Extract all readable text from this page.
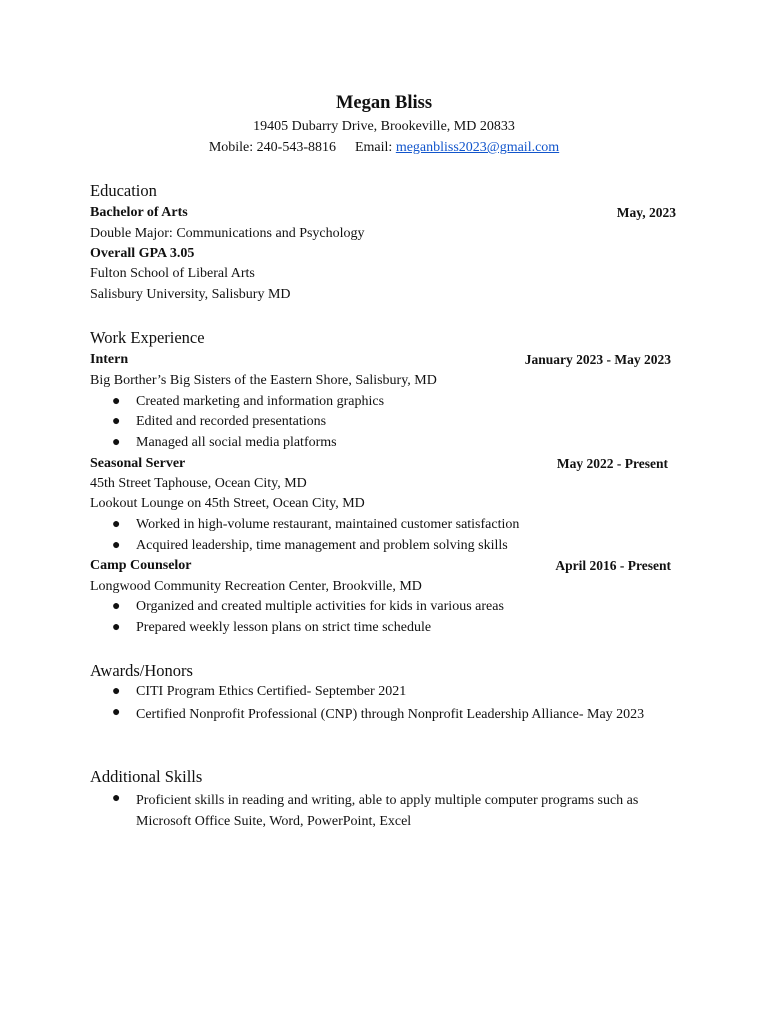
Megan Bliss
19405 Dubarry Drive, Brookeville, MD 20833
Mobile: 240-543-8816 Email: meganbliss2023@gmail.com
Education
Bachelor of Arts	May, 2023
Double Major: Communications and Psychology
Overall GPA 3.05
Fulton School of Liberal Arts
Salisbury University, Salisbury MD
Work Experience
Intern	January 2023 - May 2023
Big Borther’s Big Sisters of the Eastern Shore, Salisbury, MD
● Created marketing and information graphics
● Edited and recorded presentations
● Managed all social media platforms
Seasonal Server	May 2022 - Present
45th Street Taphouse, Ocean City, MD
Lookout Lounge on 45th Street, Ocean City, MD
● Worked in high-volume restaurant, maintained customer satisfaction
● Acquired leadership, time management and problem solving skills
Camp Counselor	April 2016 - Present
Longwood Community Recreation Center, Brookville, MD
● Organized and created multiple activities for kids in various areas
● Prepared weekly lesson plans on strict time schedule
Awards/Honors
● CITI Program Ethics Certified- September 2021
● Certified Nonprofit Professional (CNP) through Nonprofit Leadership Alliance- May 2023
Additional Skills
● Proficient skills in reading and writing, able to apply multiple computer programs such as Microsoft Office Suite, Word, PowerPoint, Excel
